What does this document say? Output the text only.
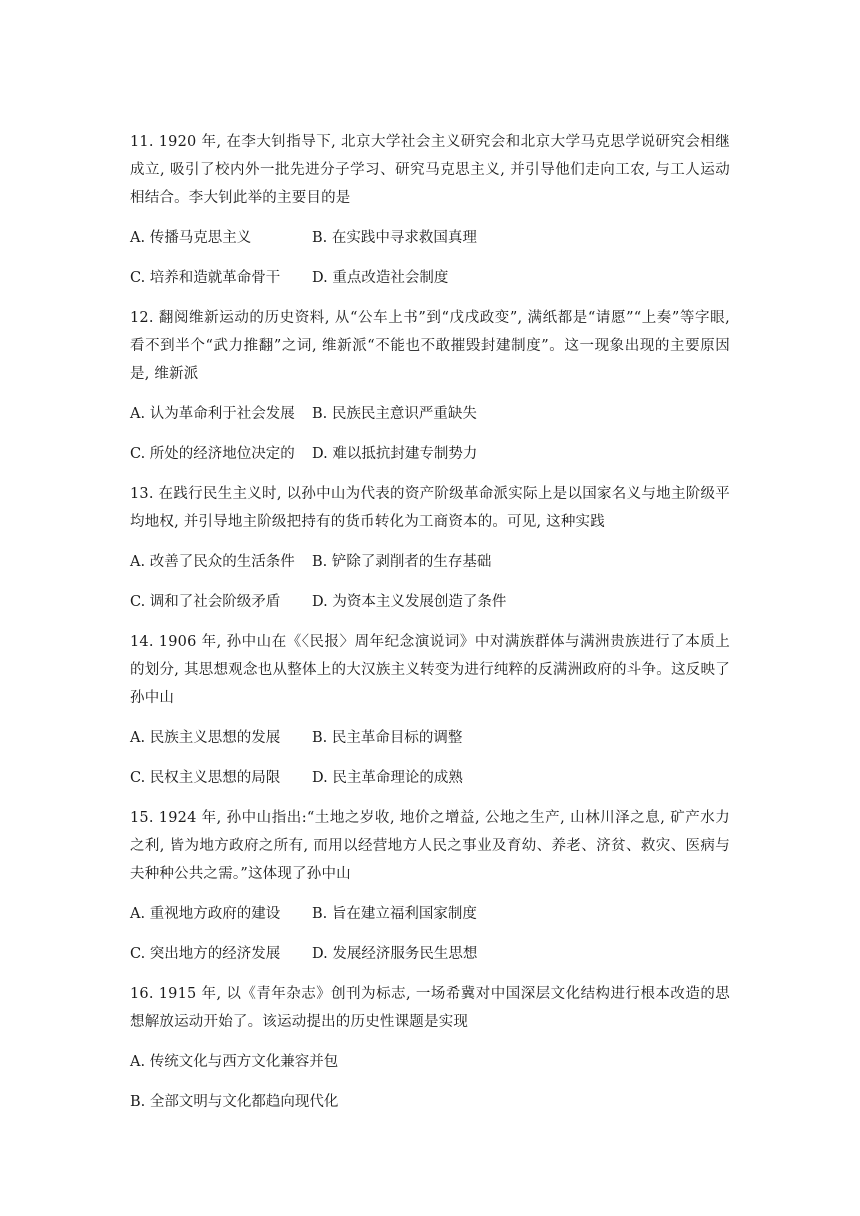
11. 1920 年, 在李大钊指导下, 北京大学社会主义研究会和北京大学马克思学说研究会相继成立, 吸引了校内外一批先进分子学习、研究马克思主义, 并引导他们走向工农, 与工人运动相结合。李大钊此举的主要目的是

A. 传播马克思主义	B. 在实践中寻求救国真理
C. 培养和造就革命骨干	D. 重点改造社会制度

12. 翻阅维新运动的历史资料, 从“公车上书”到“戊戌政变”, 满纸都是“请愿”“上奏”等字眼, 看不到半个“武力推翻”之词, 维新派“不能也不敢摧毁封建制度”。这一现象出现的主要原因是, 维新派

A. 认为革命利于社会发展	B. 民族民主意识严重缺失
C. 所处的经济地位决定的	D. 难以抵抗封建专制势力

13. 在践行民生主义时, 以孙中山为代表的资产阶级革命派实际上是以国家名义与地主阶级平均地权, 并引导地主阶级把持有的货币转化为工商资本的。可见, 这种实践

A. 改善了民众的生活条件	B. 铲除了剥削者的生存基础
C. 调和了社会阶级矛盾	D. 为资本主义发展创造了条件

14. 1906 年, 孙中山在《〈民报〉周年纪念演说词》中对满族群体与满洲贵族进行了本质上的划分, 其思想观念也从整体上的大汉族主义转变为进行纯粹的反满洲政府的斗争。这反映了孙中山

A. 民族主义思想的发展	B. 民主革命目标的调整
C. 民权主义思想的局限	D. 民主革命理论的成熟

15. 1924 年, 孙中山指出:“土地之岁收, 地价之增益, 公地之生产, 山林川泽之息, 矿产水力之利, 皆为地方政府之所有, 而用以经营地方人民之事业及育幼、养老、济贫、救灾、医病与夫种种公共之需。”这体现了孙中山

A. 重视地方政府的建设	B. 旨在建立福利国家制度
C. 突出地方的经济发展	D. 发展经济服务民生思想

16. 1915 年, 以《青年杂志》创刊为标志, 一场希冀对中国深层文化结构进行根本改造的思想解放运动开始了。该运动提出的历史性课题是实现

A. 传统文化与西方文化兼容并包
B. 全部文明与文化都趋向现代化
